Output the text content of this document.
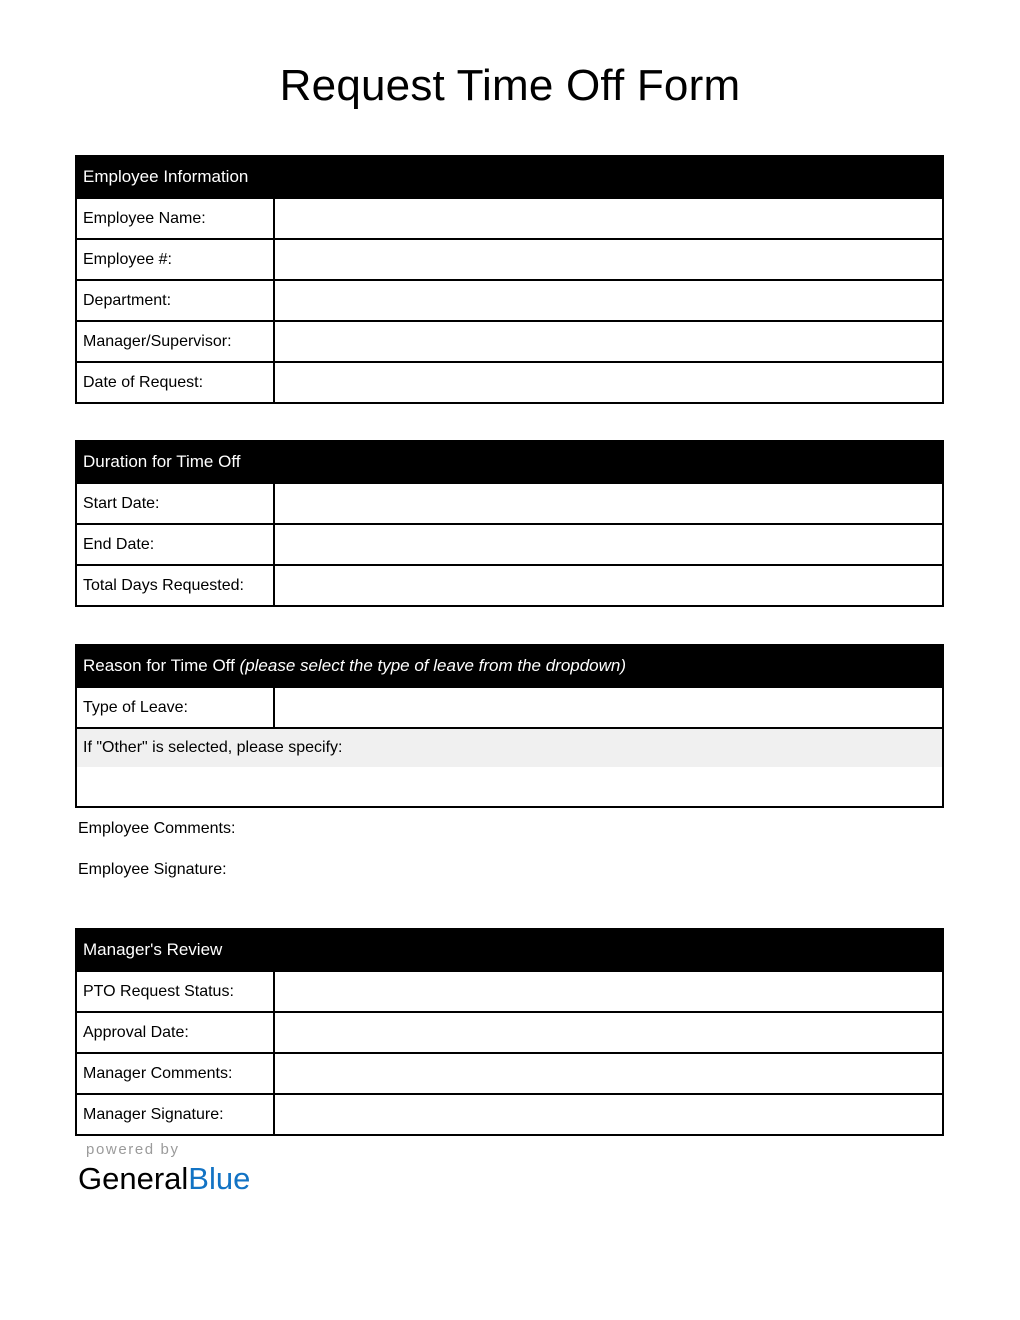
Request Time Off Form
Employee Information
Employee Name:
Employee #:
Department:
Manager/Supervisor:
Date of Request:
Duration for Time Off
Start Date:
End Date:
Total Days Requested:
Reason for Time Off (please select the type of leave from the dropdown)
Type of Leave:
If "Other" is selected, please specify:
Employee Comments:
Employee Signature:
Manager's Review
PTO Request Status:
Approval Date:
Manager Comments:
Manager Signature:
powered by
GeneralBlue
